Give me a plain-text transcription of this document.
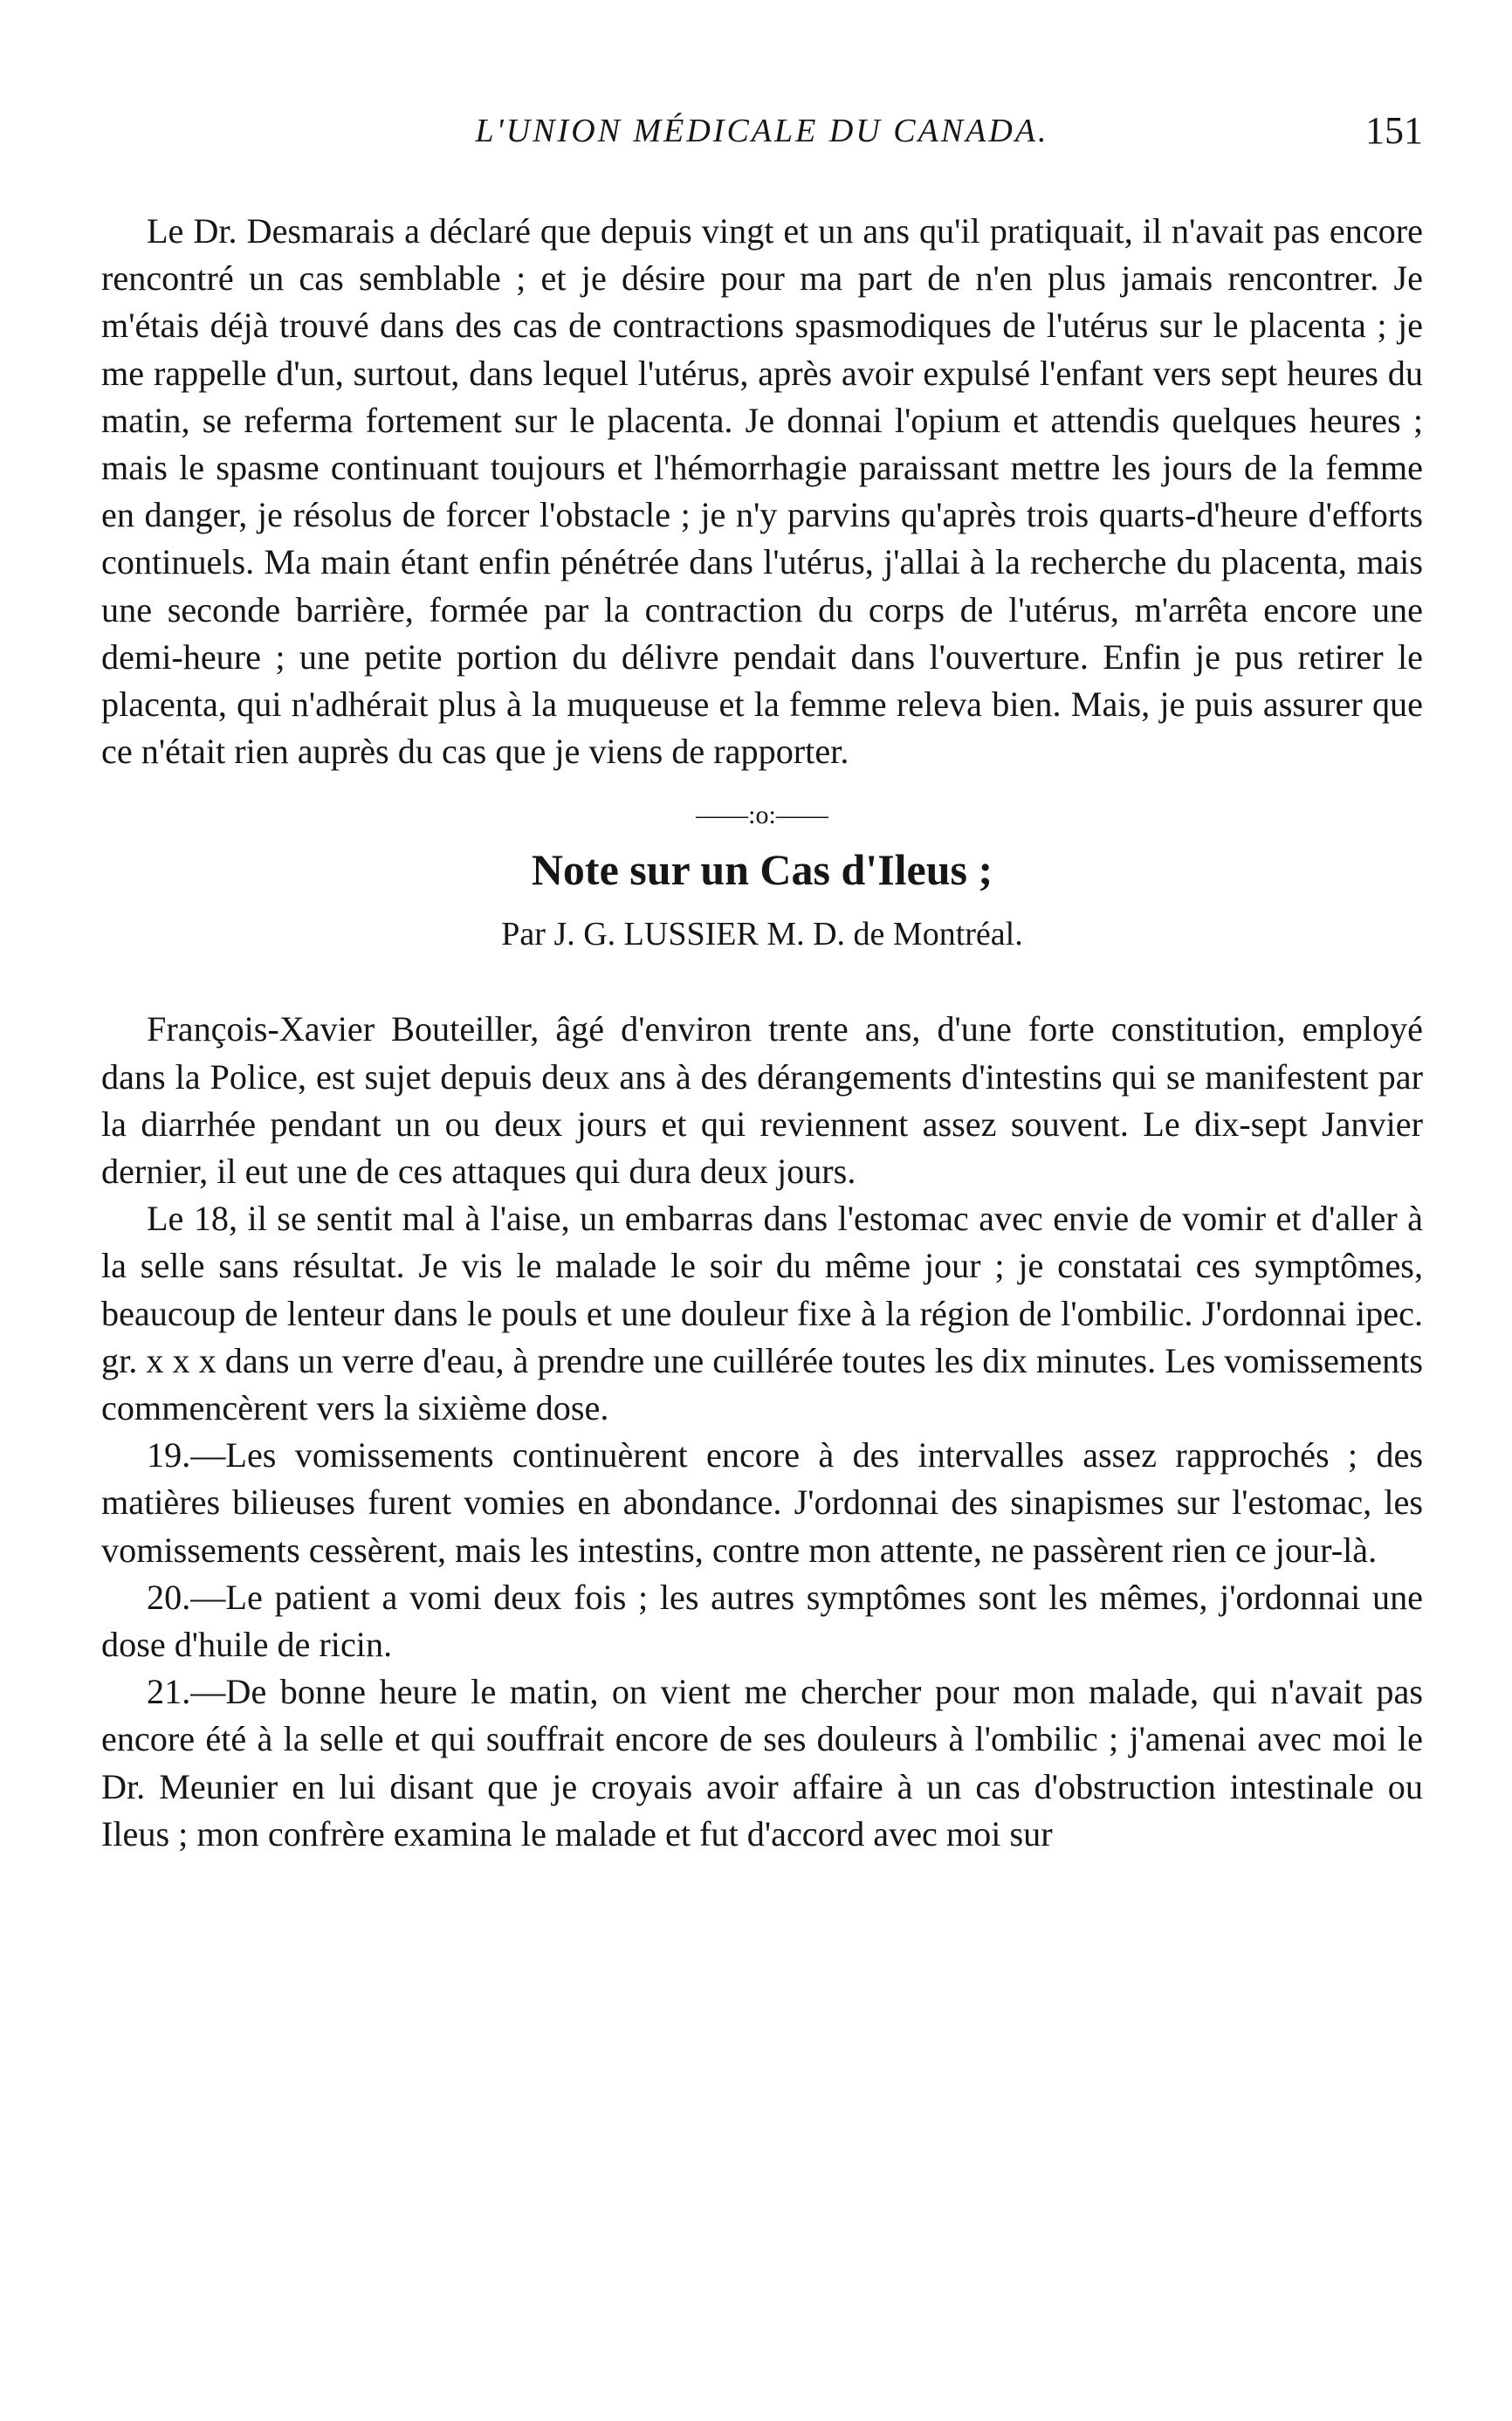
L'UNION MÉDICALE DU CANADA.	151

Le Dr. Desmarais a déclaré que depuis vingt et un ans qu'il pratiquait, il n'avait pas encore rencontré un cas semblable ; et je désire pour ma part de n'en plus jamais rencontrer. Je m'étais déjà trouvé dans des cas de contractions spasmodiques de l'utérus sur le placenta ; je me rappelle d'un, surtout, dans lequel l'utérus, après avoir expulsé l'enfant vers sept heures du matin, se referma fortement sur le placenta. Je donnai l'opium et attendis quelques heures ; mais le spasme continuant toujours et l'hémorrhagie paraissant mettre les jours de la femme en danger, je résolus de forcer l'obstacle ; je n'y parvins qu'après trois quarts-d'heure d'efforts continuels. Ma main étant enfin pénétrée dans l'utérus, j'allai à la recherche du placenta, mais une seconde barrière, formée par la contraction du corps de l'utérus, m'arrêta encore une demi-heure ; une petite portion du délivre pendait dans l'ouverture. Enfin je pus retirer le placenta, qui n'adhérait plus à la muqueuse et la femme releva bien. Mais, je puis assurer que ce n'était rien auprès du cas que je viens de rapporter.

——:o:——
Note sur un Cas d'Ileus ;
Par J. G. LUSSIER M. D. de Montréal.

François-Xavier Bouteiller, âgé d'environ trente ans, d'une forte constitution, employé dans la Police, est sujet depuis deux ans à des dérangements d'intestins qui se manifestent par la diarrhée pendant un ou deux jours et qui reviennent assez souvent. Le dix-sept Janvier dernier, il eut une de ces attaques qui dura deux jours.

Le 18, il se sentit mal à l'aise, un embarras dans l'estomac avec envie de vomir et d'aller à la selle sans résultat. Je vis le malade le soir du même jour ; je constatai ces symptômes, beaucoup de lenteur dans le pouls et une douleur fixe à la région de l'ombilic. J'ordonnai ipec. gr. x x x dans un verre d'eau, à prendre une cuillérée toutes les dix minutes. Les vomissements commencèrent vers la sixième dose.

19.—Les vomissements continuèrent encore à des intervalles assez rapprochés ; des matières bilieuses furent vomies en abondance. J'ordonnai des sinapismes sur l'estomac, les vomissements cessèrent, mais les intestins, contre mon attente, ne passèrent rien ce jour-là.

20.—Le patient a vomi deux fois ; les autres symptômes sont les mêmes, j'ordonnai une dose d'huile de ricin.

21.—De bonne heure le matin, on vient me chercher pour mon malade, qui n'avait pas encore été à la selle et qui souffrait encore de ses douleurs à l'ombilic ; j'amenai avec moi le Dr. Meunier en lui disant que je croyais avoir affaire à un cas d'obstruction intestinale ou Ileus ; mon confrère examina le malade et fut d'accord avec moi sur
